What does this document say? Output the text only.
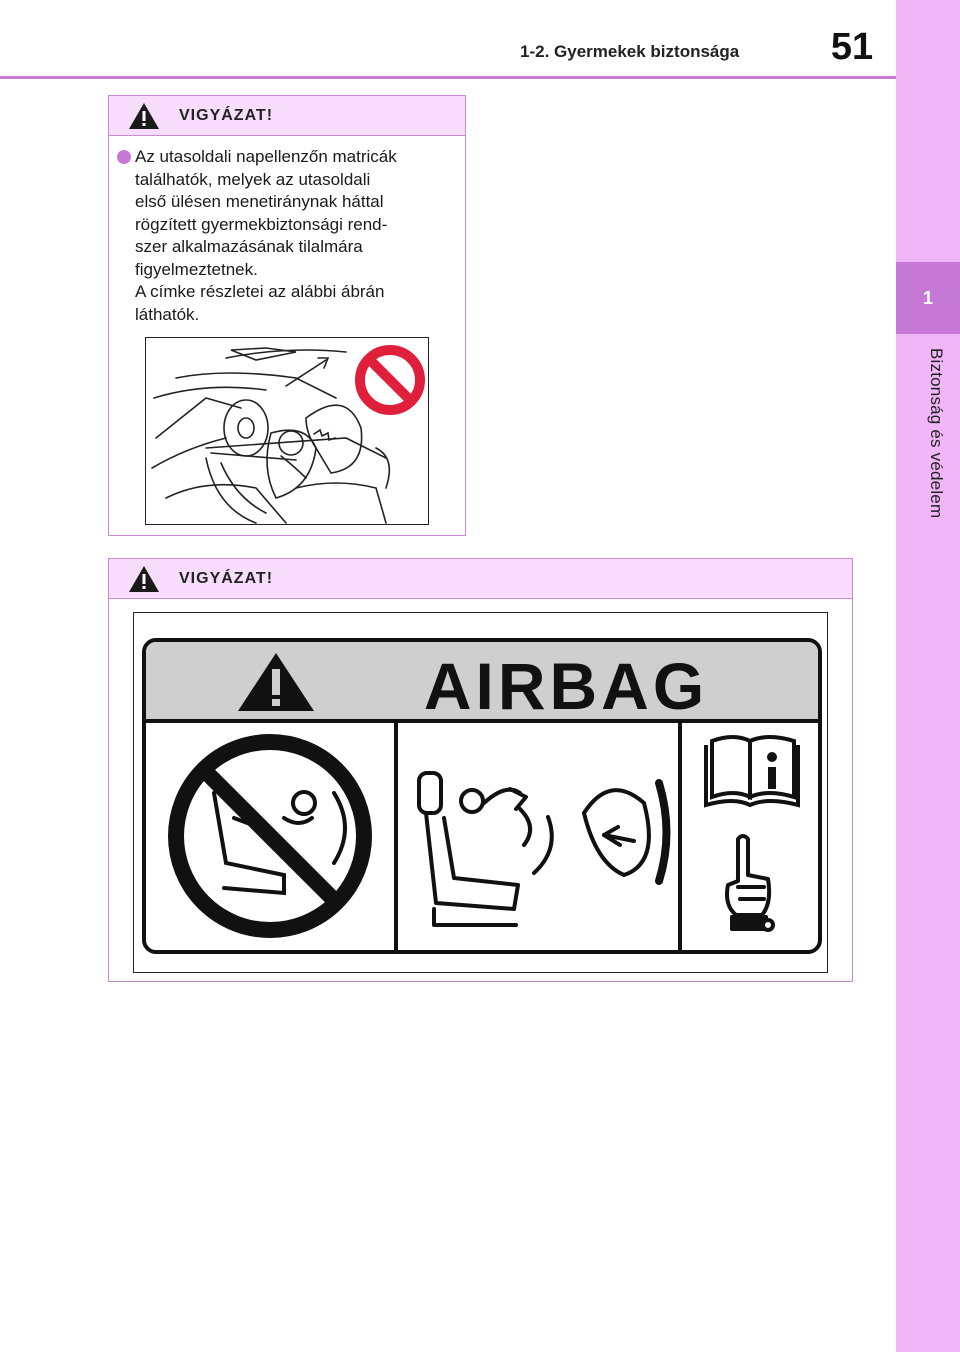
1-2. Gyermekek biztonsága	51
1
Biztonság és védelem
VIGYÁZAT!
Az utasoldali napellenzőn matricák
találhatók, melyek az utasoldali
első ülésen menetiránynak háttal
rögzített gyermekbiztonsági rend-
szer alkalmazásának tilalmára
figyelmeztetnek.
A címke részletei az alábbi ábrán
láthatók.
VIGYÁZAT!
AIRBAG
